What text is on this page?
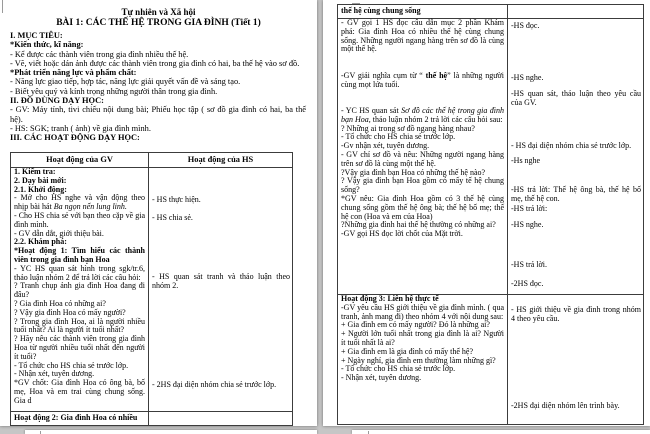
Tự nhiên và Xã hội
BÀI 1: CÁC THẾ HỆ TRONG GIA ĐÌNH (Tiết 1)
I. MỤC TIÊU:
*Kiến thức, kĩ năng:
- Kể được các thành viên trong gia đình nhiều thế hệ.
- Vẽ, viết hoặc dán ảnh được các thành viên trong gia đình có hai, ba thế hệ vào sơ đồ.
*Phát triển năng lực và phẩm chất:
- Năng lực giao tiếp, hợp tác, năng lực giải quyết vấn đề và sáng tạo.
- Biết yêu quý và kính trọng những người thân trong gia đình.
II. ĐỒ DÙNG DẠY HỌC:
- GV: Máy tính, tivi chiếu nội dung bài; Phiếu học tập ( sơ đồ gia đình có hai, ba thế hệ).
- HS: SGK; tranh ( ảnh) về gia đình mình.
III. CÁC HOẠT ĐỘNG DẠY HỌC:
Hoạt động của GV	Hoạt động của HS
1. Kiểm tra:
2. Dạy bài mới:
2.1. Khởi động:
- Mở cho HS nghe và vận động theo nhịp bài hát Ba ngọn nến lung linh.
- Cho HS chia sẻ với bạn theo cặp về gia đình mình.
- GV dẫn dắt, giới thiệu bài.
2.2. Khám phá:
*Hoạt động 1: Tìm hiểu các thành viên trong gia đình bạn Hoa
- YC HS quan sát hình trong sgk/tr.6, thảo luận nhóm 2 để trả lời các câu hỏi:
? Tranh chụp ảnh gia đình Hoa đang đi đâu?
? Gia đình Hoa có những ai?
? Vậy gia đình Hoa có mấy người?
? Trong gia đình Hoa, ai là người nhiều tuổi nhất? Ai là người ít tuổi nhất?
? Hãy nêu các thành viên trong gia đình Hoa từ người nhiều tuổi nhất đến người ít tuổi?
- Tổ chức cho HS chia sẻ trước lớp.
- Nhận xét, tuyên dương.
*GV chốt: Gia đình Hoa có ông bà, bố mẹ, Hoa và em trai cùng chung sống. Gia d
- HS thực hiện.
- HS chia sẻ.
- HS quan sát tranh và thảo luận theo nhóm 2.
- 2HS đại diện nhóm chia sẻ trước lớp.
Hoạt động 2: Gia đình Hoa có nhiều
thế hệ cùng chung sống
- GV gọi 1 HS đọc câu dẫn mục 2 phần Khám phá: Gia đình Hoa có nhiều thế hệ cùng chung sống. Những người ngang hàng trên sơ đồ là cùng một thế hệ.
-GV giải nghĩa cụm từ “ thế hệ” là những người cùng mọt lứa tuổi.
- YC HS quan sát Sơ đồ các thế hệ trong gia đình bạn Hoa, thảo luận nhóm 2 trả lời các câu hỏi sau:
? Những ai trong sơ đồ ngang hàng nhau?
- Tổ chức cho HS chia sẻ trước lớp.
-Gv nhận xét, tuyên dương.
- GV chỉ sơ đồ và nêu: Những người ngang hàng trên sơ đồ là cùng một thế hệ.
?Vậy gia đình bạn Hoa có những thế hệ nào?
? Vậy gia đình bạn Hoa gồm có mấy tế hệ chung sống?
*GV nêu: Gia đình Hoa gồm có 3 thế hệ cùng chung sống gồm thế hệ ông bà; thế hệ bố mẹ; thế hệ con (Hoa và em của Hoa)
?Những gia đình hai thế hệ thường có những ai?
-GV gọi HS đọc lời chốt của Mặt trời.
-HS đọc.
-HS nghe.
-HS quan sát, thảo luận theo yêu cầu của GV.
- HS đại diện nhóm chia sẻ trước lớp.
-Hs nghe
-HS trả lời: Thế hệ ông bà, thế hệ bố mẹ, thế hệ con.
-HS trả lời:
-HS nghe.
-HS trả lời.
-2HS đọc.
Hoạt động 3: Liên hệ thực tế
-GV yêu cầu HS giới thiệu về gia đình mình. ( qua tranh, ảnh mang đi) theo nhóm 4 với nội dung sau:
+ Gia đình em có mấy người? Đó là những ai?
+ Người lớn tuổi nhất trong gia đình là ai? Người ít tuổi nhất là ai?
+ Gia đình em là gia đình có mấy thế hệ?
+ Ngày nghỉ, gia đình em thường làm những gì?
- Tổ chức cho HS chia sẻ trước lớp.
- Nhận xét, tuyên dương.
- HS giới thiệu về gia đình trong nhóm 4 theo yêu cầu.
-2HS đại diện nhóm lên trình bày.
